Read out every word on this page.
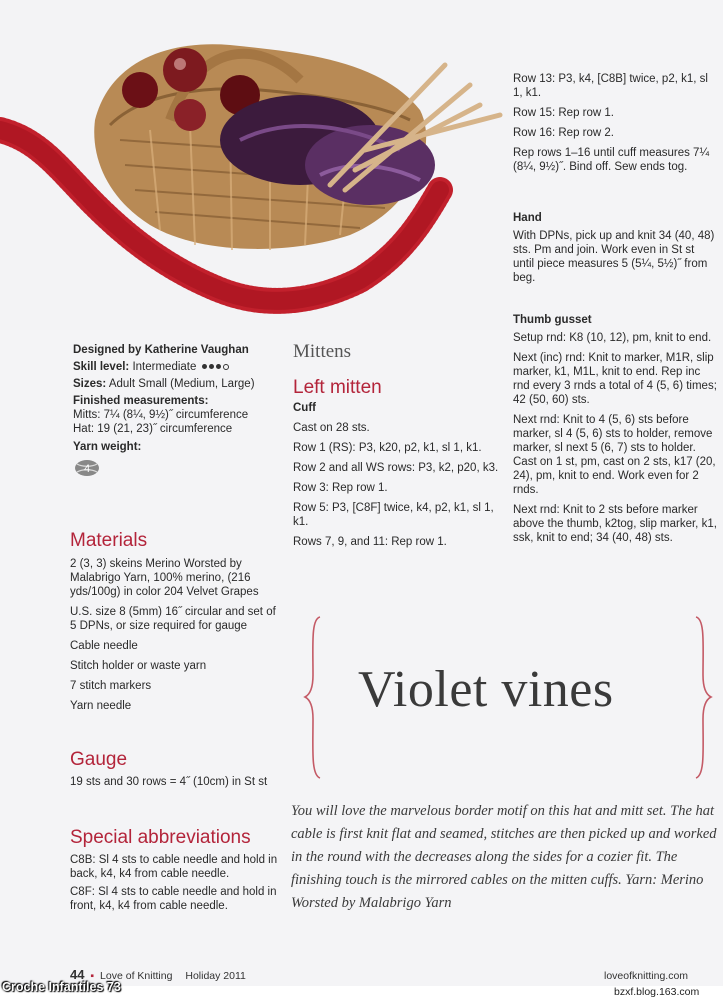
Designed by Katherine Vaughan
Skill level: Intermediate
Sizes: Adult Small (Medium, Large)
Finished measurements:
Mitts: 7¼ (8¼, 9½)˝ circumference
Hat: 19 (21, 23)˝ circumference
Yarn weight:
4
Materials

2 (3, 3) skeins Merino Worsted by Malabrigo Yarn, 100% merino, (216 yds/100g) in color 204 Velvet Grapes

U.S. size 8 (5mm) 16˝ circular and set of 5 DPNs, or size required for gauge

Cable needle

Stitch holder or waste yarn

7 stitch markers

Yarn needle

Gauge

19 sts and 30 rows = 4˝ (10cm) in St st

Special abbreviations

C8B: Sl 4 sts to cable needle and hold in back, k4, k4 from cable needle.

C8F: Sl 4 sts to cable needle and hold in front, k4, k4 from cable needle.

Mittens
Left mitten

Cuff

Cast on 28 sts.

Row 1 (RS): P3, k20, p2, k1, sl 1, k1.

Row 2 and all WS rows: P3, k2, p20, k3.

Row 3: Rep row 1.

Row 5: P3, [C8F] twice, k4, p2, k1, sl 1, k1.

Rows 7, 9, and 11: Rep row 1.

Row 13: P3, k4, [C8B] twice, p2, k1, sl 1, k1.

Row 15: Rep row 1.

Row 16: Rep row 2.

Rep rows 1–16 until cuff measures 7¼ (8¼, 9½)˝. Bind off. Sew ends tog.

Hand

With DPNs, pick up and knit 34 (40, 48) sts. Pm and join. Work even in St st until piece measures 5 (5¼, 5½)˝ from beg.

Thumb gusset

Setup rnd: K8 (10, 12), pm, knit to end.

Next (inc) rnd: Knit to marker, M1R, slip marker, k1, M1L, knit to end. Rep inc rnd every 3 rnds a total of 4 (5, 6) times; 42 (50, 60) sts.

Next rnd: Knit to 4 (5, 6) sts before marker, sl 4 (5, 6) sts to holder, remove marker, sl next 5 (6, 7) sts to holder. Cast on 1 st, pm, cast on 2 sts, k17 (20, 24), pm, knit to end. Work even for 2 rnds.

Next rnd: Knit to 2 sts before marker above the thumb, k2tog, slip marker, k1, ssk, knit to end; 34 (40, 48) sts.

Violet vines
You will love the marvelous border motif on this hat and mitt set. The hat cable is first knit flat and seamed, stitches are then picked up and worked in the round with the decreases along the sides for a cozier fit. The finishing touch is the mirrored cables on the mitten cuffs. Yarn: Merino Worsted by Malabrigo Yarn
44 ▪ Love of Knitting Holiday 2011	loveofknitting.com
Croche Infantiles 73	bzxf.blog.163.com
